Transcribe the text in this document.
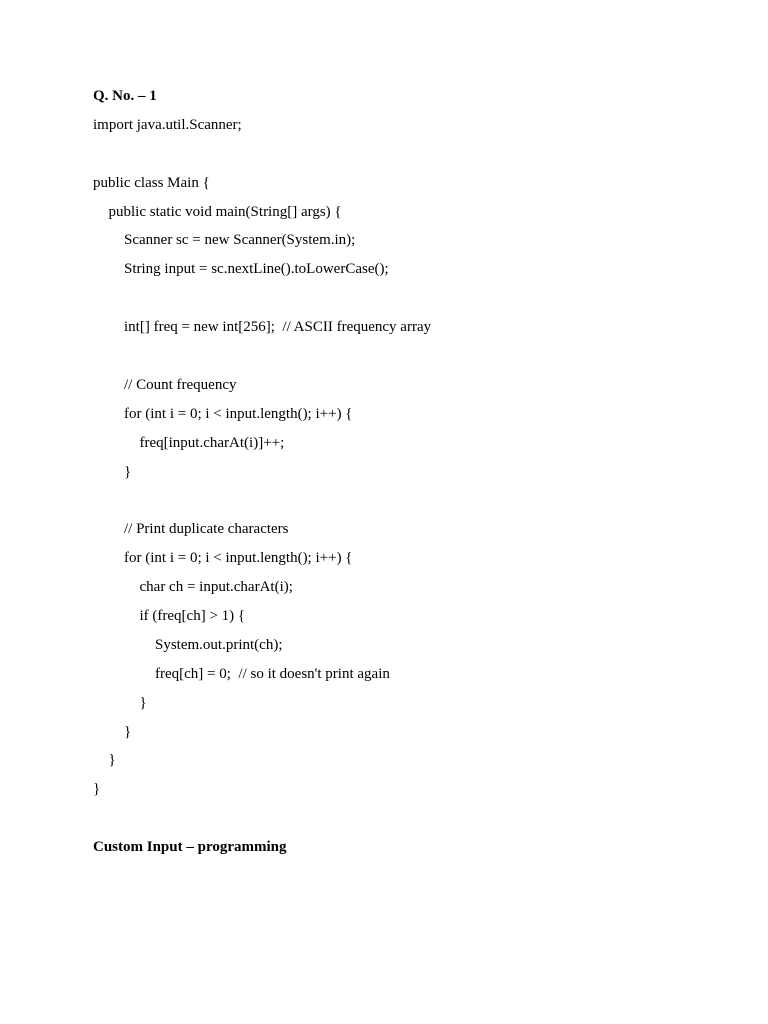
Q. No. – 1
import java.util.Scanner;
public class Main {
public static void main(String[] args) {
Scanner sc = new Scanner(System.in);
String input = sc.nextLine().toLowerCase();
int[] freq = new int[256];  // ASCII frequency array
// Count frequency
for (int i = 0; i < input.length(); i++) {
freq[input.charAt(i)]++;
}
// Print duplicate characters
for (int i = 0; i < input.length(); i++) {
char ch = input.charAt(i);
if (freq[ch] > 1) {
System.out.print(ch);
freq[ch] = 0;  // so it doesn't print again
}
}
}
}
Custom Input – programming
